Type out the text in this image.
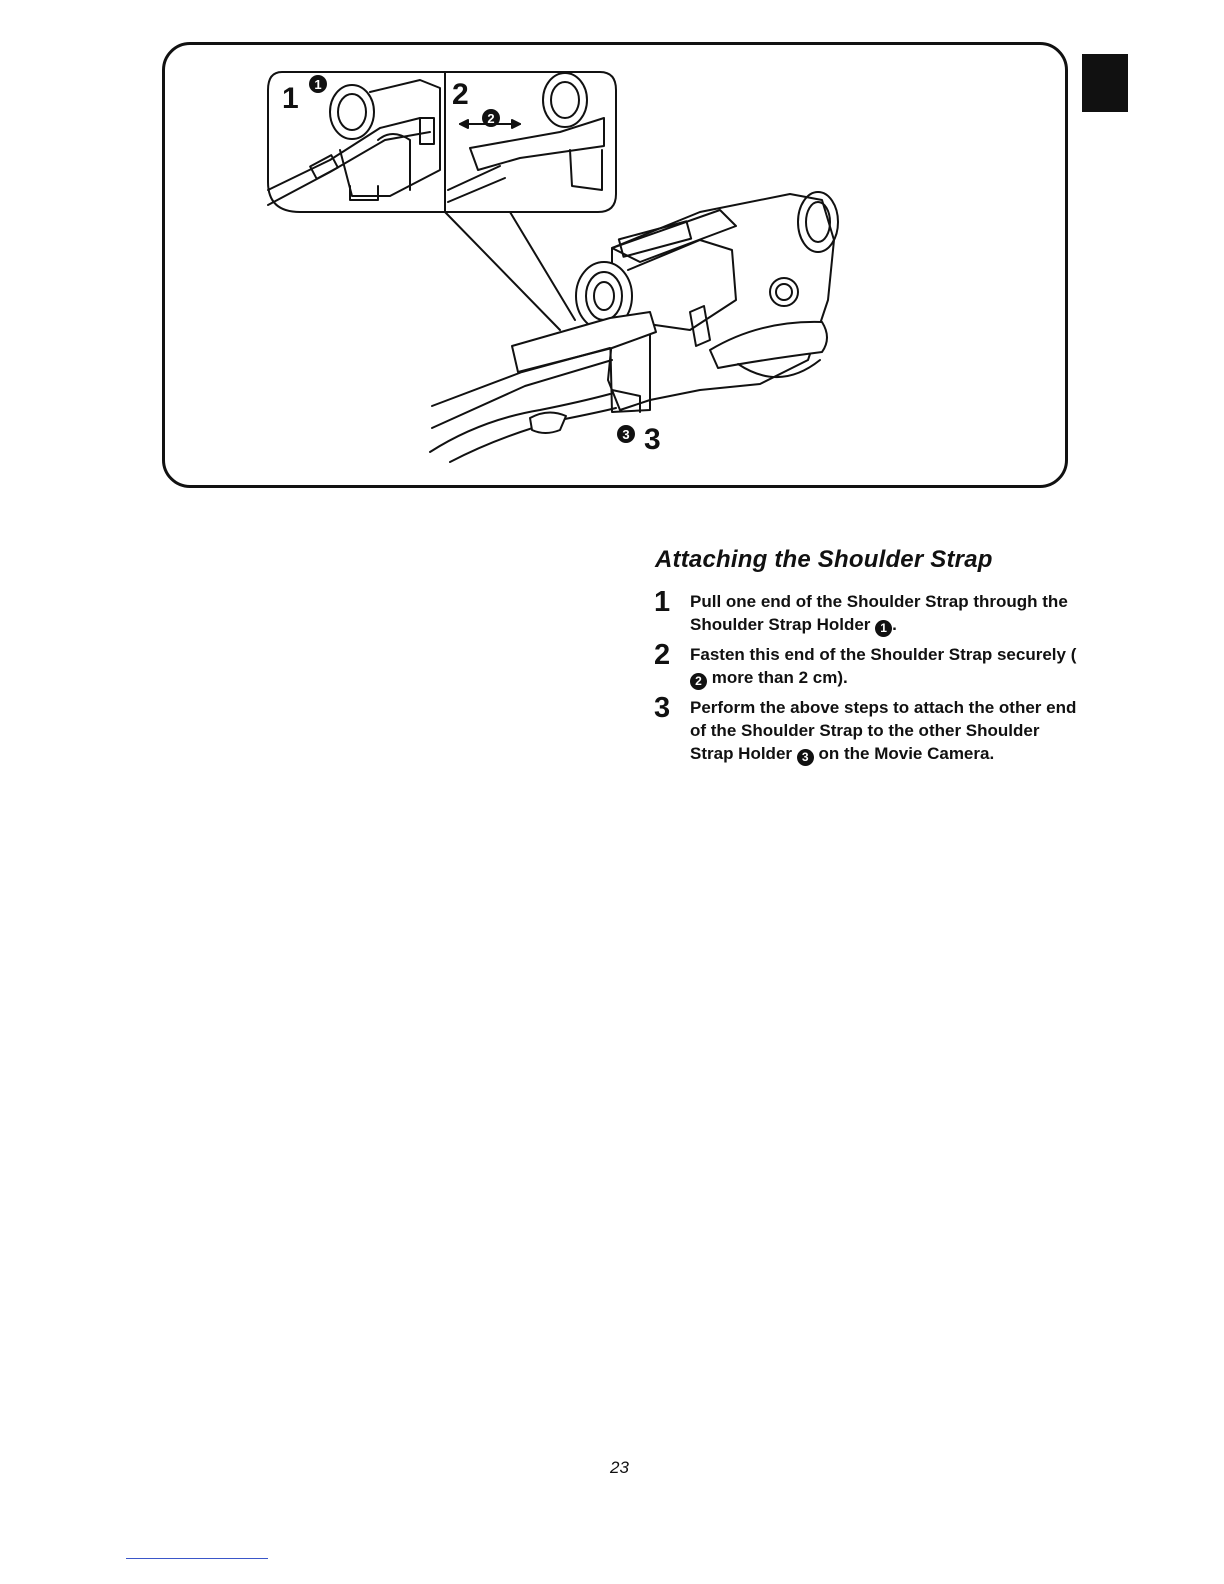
1	2
3
1
2
3
Attaching the Shoulder Strap
1 Pull one end of the Shoulder Strap through the Shoulder Strap Holder 1 .
2 Fasten this end of the Shoulder Strap securely (2 more than 2 cm).
3 Perform the above steps to attach the other end of the Shoulder Strap to the other Shoulder Strap Holder 3 on the Movie Camera.
23
